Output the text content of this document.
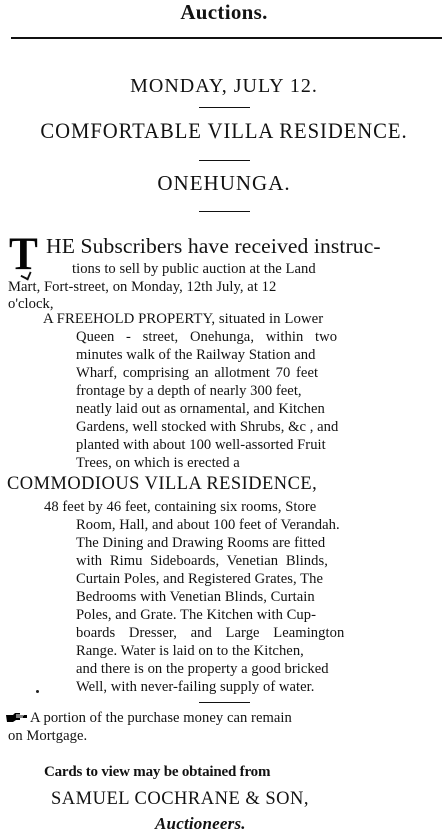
Auctions.
MONDAY, JULY 12.
COMFORTABLE VILLA RESIDENCE.
ONEHUNGA.
T HE Subscribers have received instruc-
tions to sell by public auction at the Land
Mart, Fort-street, on Monday, 12th July, at 12
o'clock,
A FREEHOLD PROPERTY, situated in Lower
Queen - street, Onehunga, within two
minutes walk of the Railway Station and
Wharf, comprising an allotment 70 feet
frontage by a depth of nearly 300 feet,
neatly laid out as ornamental, and Kitchen
Gardens, well stocked with Shrubs, &c , and
planted with about 100 well-assorted Fruit
Trees, on which is erected a
COMMODIOUS VILLA RESIDENCE,
48 feet by 46 feet, containing six rooms, Store
Room, Hall, and about 100 feet of Verandah.
The Dining and Drawing Rooms are fitted
with Rimu Sideboards, Venetian Blinds,
Curtain Poles, and Registered Grates, The
Bedrooms with Venetian Blinds, Curtain
Poles, and Grate. The Kitchen with Cup-
boards Dresser, and Large Leamington
Range. Water is laid on to the Kitchen,
and there is on the property a good bricked
Well, with never-failing supply of water.
A portion of the purchase money can remain
on Mortgage.
Cards to view may be obtained from
SAMUEL COCHRANE & SON,
Auctioneers.
